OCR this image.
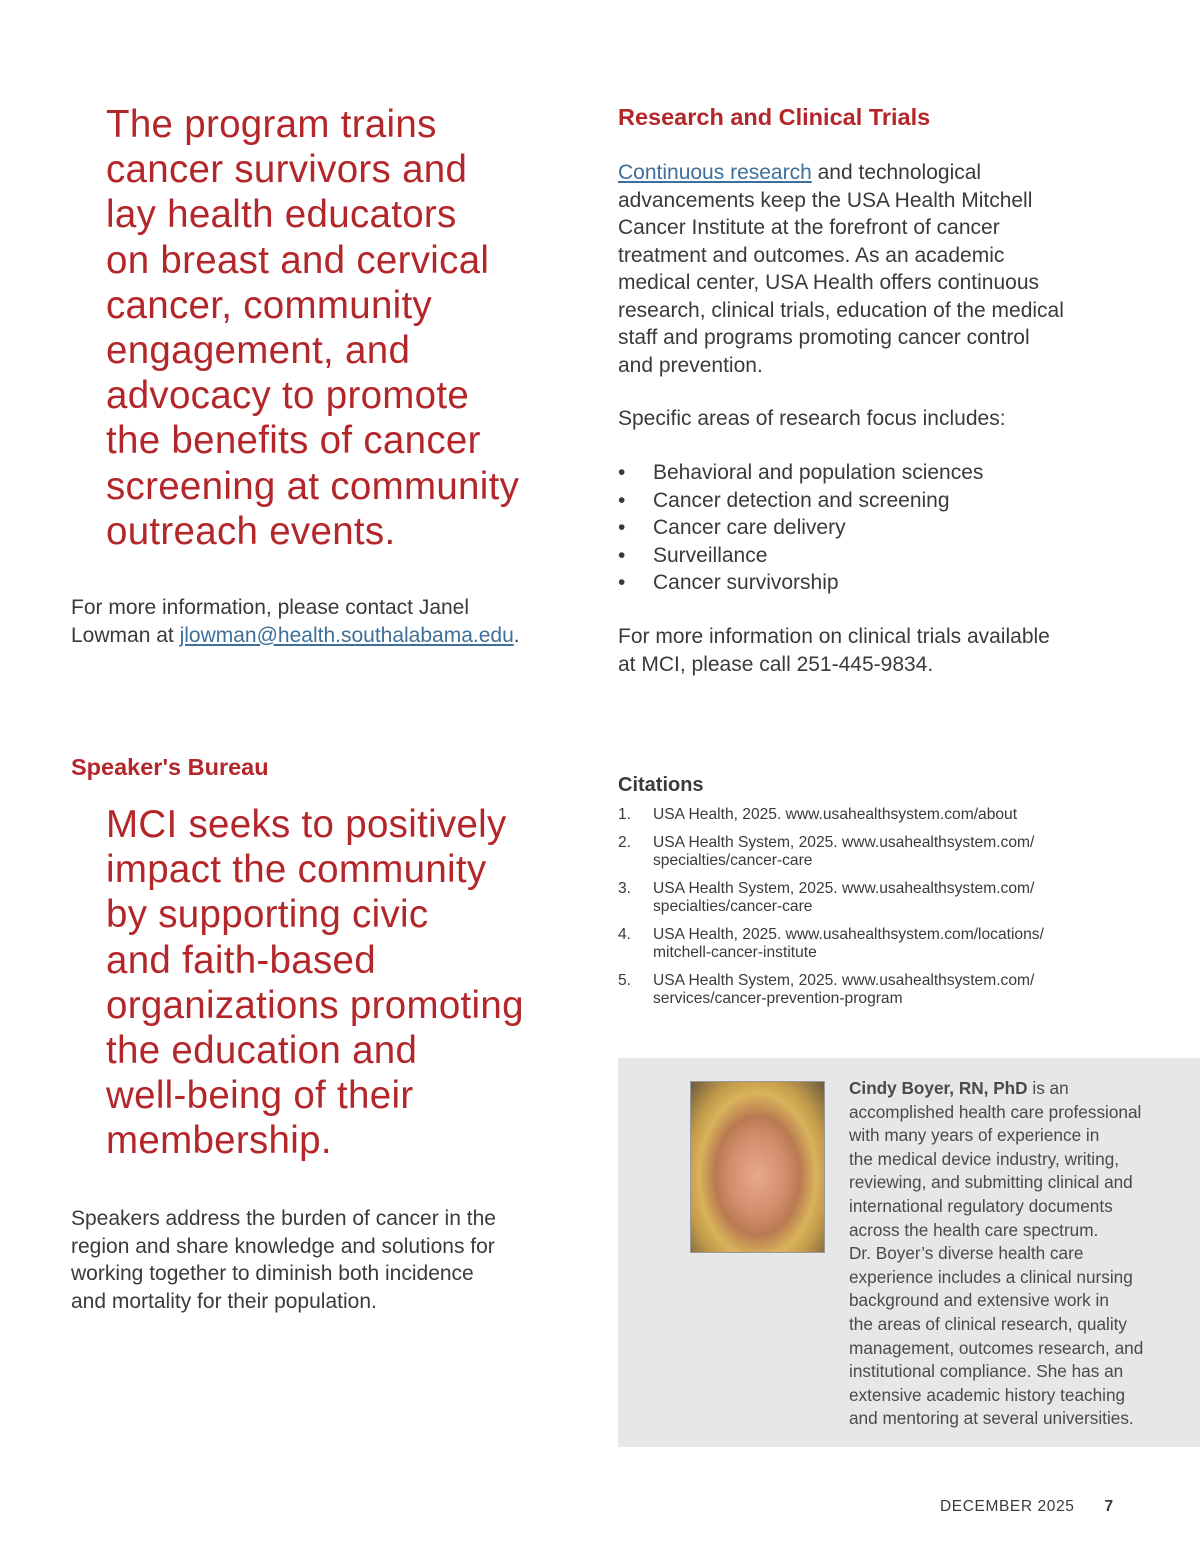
The program trains
cancer survivors and
lay health educators
on breast and cervical
cancer, community
engagement, and
advocacy to promote
the benefits of cancer
screening at community
outreach events.

For more information, please contact Janel
Lowman at jlowman@health.southalabama.edu.

Speaker's Bureau
MCI seeks to positively
impact the community
by supporting civic
and faith-based
organizations promoting
the education and
well-being of their
membership.

Speakers address the burden of cancer in the
region and share knowledge and solutions for
working together to diminish both incidence
and mortality for their population.

Research and Clinical Trials

Continuous research and technological
advancements keep the USA Health Mitchell
Cancer Institute at the forefront of cancer
treatment and outcomes. As an academic
medical center, USA Health offers continuous
research, clinical trials, education of the medical
staff and programs promoting cancer control
and prevention.

Specific areas of research focus includes:

• Behavioral and population sciences
• Cancer detection and screening
• Cancer care delivery
• Surveillance
• Cancer survivorship

For more information on clinical trials available
at MCI, please call 251-445-9834.

Citations
1. USA Health, 2025. www.usahealthsystem.com/about
2. USA Health System, 2025. www.usahealthsystem.com/
specialties/cancer-care
3. USA Health System, 2025. www.usahealthsystem.com/
specialties/cancer-care
4. USA Health, 2025. www.usahealthsystem.com/locations/
mitchell-cancer-institute
5. USA Health System, 2025. www.usahealthsystem.com/
services/cancer-prevention-program
Cindy Boyer, RN, PhD is an
accomplished health care professional
with many years of experience in
the medical device industry, writing,
reviewing, and submitting clinical and
international regulatory documents
across the health care spectrum.
Dr. Boyer’s diverse health care
experience includes a clinical nursing
background and extensive work in
the areas of clinical research, quality
management, outcomes research, and
institutional compliance. She has an
extensive academic history teaching
and mentoring at several universities.
DECEMBER 2025 7
